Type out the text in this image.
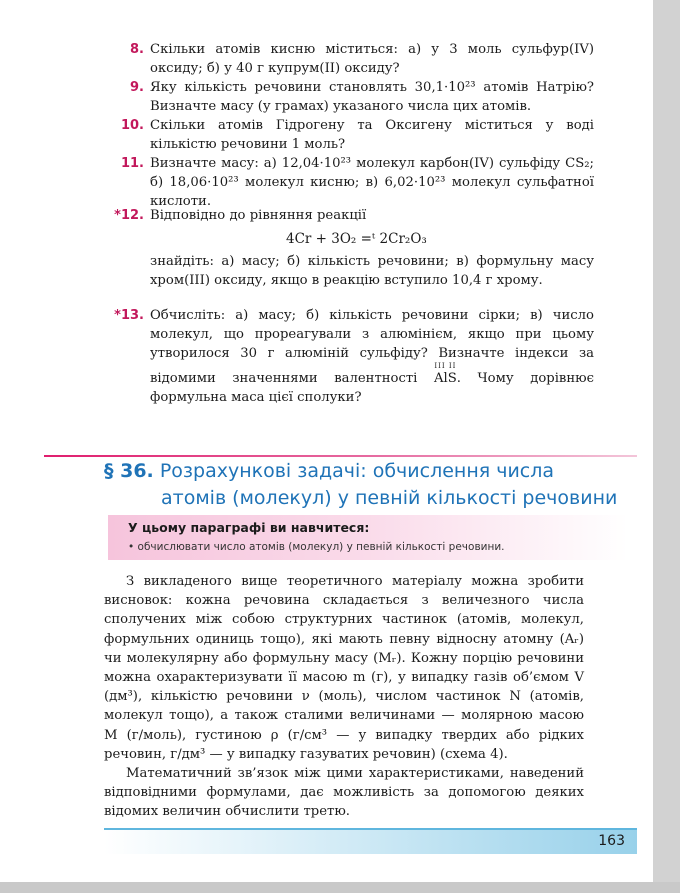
8. Скільки атомів кисню міститься: а) у 3 моль сульфур(IV) оксиду; б) у 40 г купрум(II) оксиду?
9. Яку кількість речовини становлять 30,1·10²³ атомів Натрію? Визначте масу (у грамах) указаного числа цих атомів.
10. Скільки атомів Гідрогену та Оксигену міститься у воді кількістю речовини 1 моль?
11. Визначте масу: а) 12,04·10²³ молекул карбон(IV) сульфіду CS₂; б) 18,06·10²³ молекул кисню; в) 6,02·10²³ молекул сульфатної кислоти.
*12. Відповідно до рівняння реакції
4Cr + 3O₂ =ᵗ 2Cr₂O₃
знайдіть: а) масу; б) кількість речовини; в) формульну масу хром(III) оксиду, якщо в реакцію вступило 10,4 г хрому.
*13. Обчисліть: а) масу; б) кількість речовини сірки; в) число молекул, що прореагували з алюмінієм, якщо при цьому утворилося 30 г алюміній сульфіду? Визначте індекси за відомими значеннями валентності
III II
AlS. Чому дорівнює формульна маса цієї сполуки?
§ 36. Розрахункові задачі: обчислення числа
атомів (молекул) у певній кількості речовини
У цьому параграфі ви навчитеся:
• обчислювати число атомів (молекул) у певній кількості речовини.

З викладеного вище теоретичного матеріалу можна зробити висновок: кожна речовина складається з величезного числа сполучених між собою структурних частинок (атомів, молекул, формульних одиниць тощо), які мають певну відносну атомну (Aᵣ) чи молекулярну або формульну масу (Mᵣ). Кожну порцію речовини можна охарактеризувати її масою m (г), у випадку газів об’ємом V (дм³), кількістю речовини ν (моль), числом частинок N (атомів, молекул тощо), а також сталими величинами — молярною масою M (г/моль), густиною ρ (г/см³ — у випадку твердих або рідких речовин, г/дм³ — у випадку газуватих речовин) (схема 4).

Математичний зв’язок між цими характеристиками, наведений відповідними формулами, дає можливість за допомогою деяких відомих величин обчислити третю.

163
